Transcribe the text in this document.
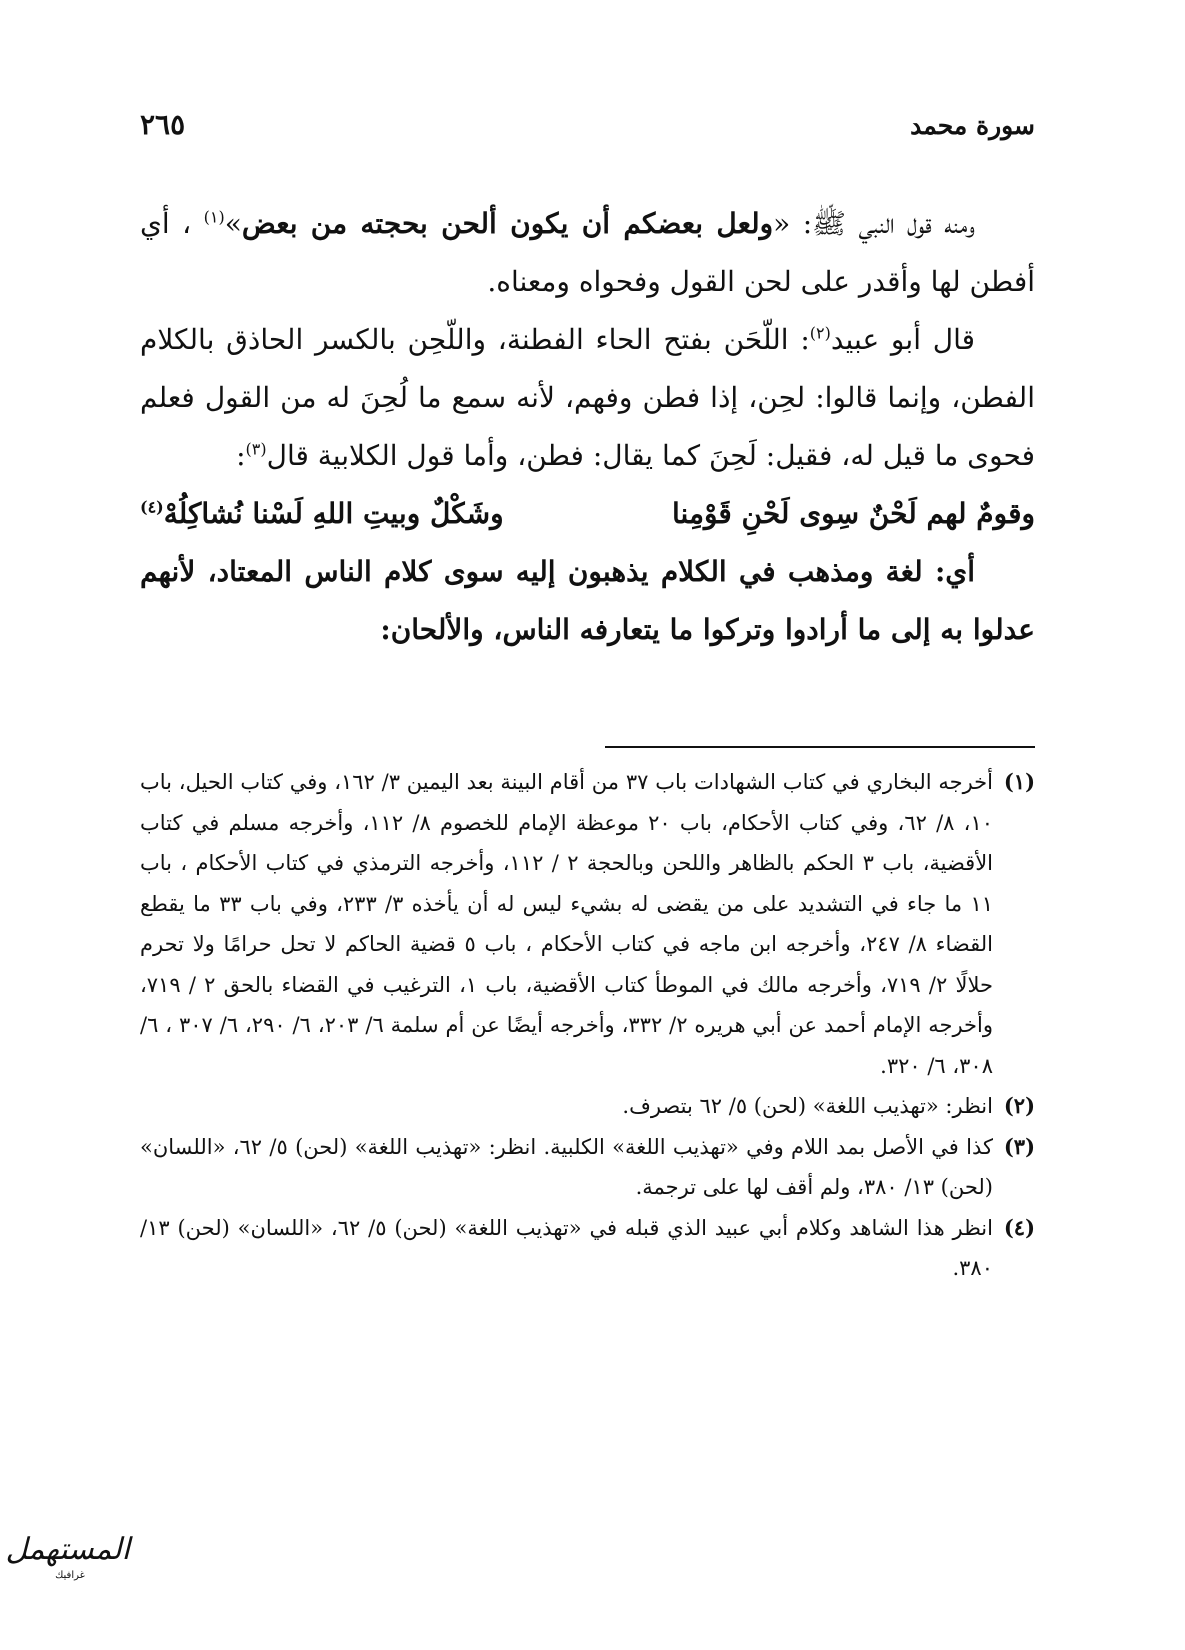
سورة محمد
٢٦٥

ومنه قول النبي ﷺ: «ولعل بعضكم أن يكون ألحن بحجته من بعض»$^{(١)}$ ، أي أفطن لها وأقدر على لحن القول وفحواه ومعناه.

قال أبو عبيد$^{(٢)}$: اللّحَن بفتح الحاء الفطنة، واللّحِن بالكسر الحاذق بالكلام الفطن، وإنما قالوا: لحِن، إذا فطن وفهم، لأنه سمع ما لُحِنَ له من القول فعلم فحوى ما قيل له، فقيل: لَحِنَ كما يقال: فطن، وأما قول الكلابية قال$^{(٣)}$:

وقومٌ لهم لَحْنٌ سِوى لَحْنِ قَوْمِنا
وشَكْلٌ وبيتِ اللهِ لَسْنا نُشاكِلُهْ$^{(٤)}$

أي: لغة ومذهب في الكلام يذهبون إليه سوى كلام الناس المعتاد، لأنهم عدلوا به إلى ما أرادوا وتركوا ما يتعارفه الناس، والألحان:

(١)
أخرجه البخاري في كتاب الشهادات باب ٣٧ من أقام البينة بعد اليمين ٣/ ١٦٢، وفي كتاب الحيل، باب ١٠، ٨/ ٦٢، وفي كتاب الأحكام، باب ٢٠ موعظة الإمام للخصوم ٨/ ١١٢، وأخرجه مسلم في كتاب الأقضية، باب ٣ الحكم بالظاهر واللحن وبالحجة ٢ / ١١٢، وأخرجه الترمذي في كتاب الأحكام ، باب ١١ ما جاء في التشديد على من يقضى له بشيء ليس له أن يأخذه ٣/ ٢٣٣، وفي باب ٣٣ ما يقطع القضاء ٨/ ٢٤٧، وأخرجه ابن ماجه في كتاب الأحكام ، باب ٥ قضية الحاكم لا تحل حرامًا ولا تحرم حلالًا ٢/ ٧١٩، وأخرجه مالك في الموطأ كتاب الأقضية، باب ١، الترغيب في القضاء بالحق ٢ / ٧١٩، وأخرجه الإمام أحمد عن أبي هريره ٢/ ٣٣٢، وأخرجه أيضًا عن أم سلمة ٦/ ٢٠٣، ٦/ ٢٩٠، ٦/ ٣٠٧ ، ٦/ ٣٠٨، ٦/ ٣٢٠.

(٢)
انظر: «تهذيب اللغة» (لحن) ٥/ ٦٢ بتصرف.

(٣)
كذا في الأصل بمد اللام وفي «تهذيب اللغة» الكلبية. انظر: «تهذيب اللغة» (لحن) ٥/ ٦٢، «اللسان» (لحن) ١٣/ ٣٨٠، ولم أقف لها على ترجمة.

(٤)
انظر هذا الشاهد وكلام أبي عبيد الذي قبله في «تهذيب اللغة» (لحن) ٥/ ٦٢، «اللسان» (لحن) ١٣/ ٣٨٠.

المستهمل
غرافيك
